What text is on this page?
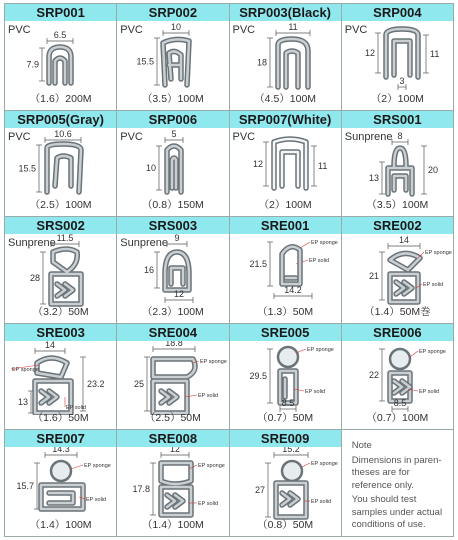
SRP001
PVC	6.5
7.9
（1.6）200M
SRP002
PVC	10
15.5
（3.5）100M
SRP003(Black)
PVC	11
18
（4.5）100M
SRP004
PVC
12	11
3
（2）100M
SRP005(Gray)
PVC	10.6
15.5
（2.5）100M
SRP006
PVC	5
10
（0.8）150M
SRP007(White)
PVC
12	11
（2）100M
SRS001
Sunprene 8
13
20
（3.5）100M
SRS002
Sunprene 11.5
28
（3.2）50M
SRS003
Sunprene 9
16
12
（2.3）100M
SRE001
21.5
EP sponge
EP solid
14.2
（1.3）50M
SRE002
14
21
EP sponge
EP solid
（1.4）50M巻
SRE003
14
13
23.2
EP sponge
EP solid
（1.6）50M
SRE004
18.8
25
EP sponge
EP solid
（2.5）50M
SRE005
29.5
EP sponge
EP solid
8.5
（0.7）50M
SRE006
22
EP sponge
EP solid
8.5
（0.7）100M
SRE007
14.3
15.7
EP sponge
EP solid
（1.4）100M
SRE008
12
17.8
EP sponge
EP solid
（1.4）100M
SRE009
15.2
27
EP sponge
EP solid
（0.8）50M

Note

Dimensions in paren-theses are for reference only.

You should test samples under actual conditions of use.
